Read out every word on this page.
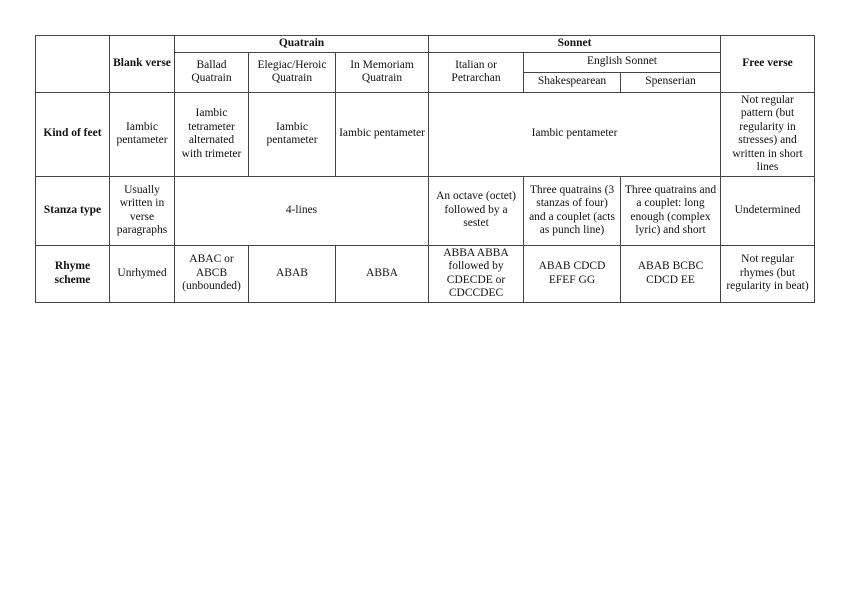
	Blank verse	Quatrain			Sonnet			Free verse
		Ballad Quatrain	Elegiac/Heroic Quatrain	In Memoriam Quatrain	Italian or Petrarchan	English Sonnet		
						Shakespearean	Spenserian	
Kind of feet	Iambic pentameter	Iambic tetrameter alternated with trimeter	Iambic pentameter	Iambic pentameter	Iambic pentameter			Not regular pattern (but regularity in stresses) and written in short lines
Stanza type	Usually written in verse paragraphs	4-lines			An octave (octet) followed by a sestet	Three quatrains (3 stanzas of four) and a couplet (acts as punch line)	Three quatrains and a couplet: long enough (complex lyric) and short	Undetermined
Rhyme scheme	Unrhymed	ABAC or ABCB (unbounded)	ABAB	ABBA	ABBA ABBA followed by CDECDE or CDCCDEC	ABAB CDCD EFEF GG	ABAB BCBC CDCD EE	Not regular rhymes (but regularity in beat)
